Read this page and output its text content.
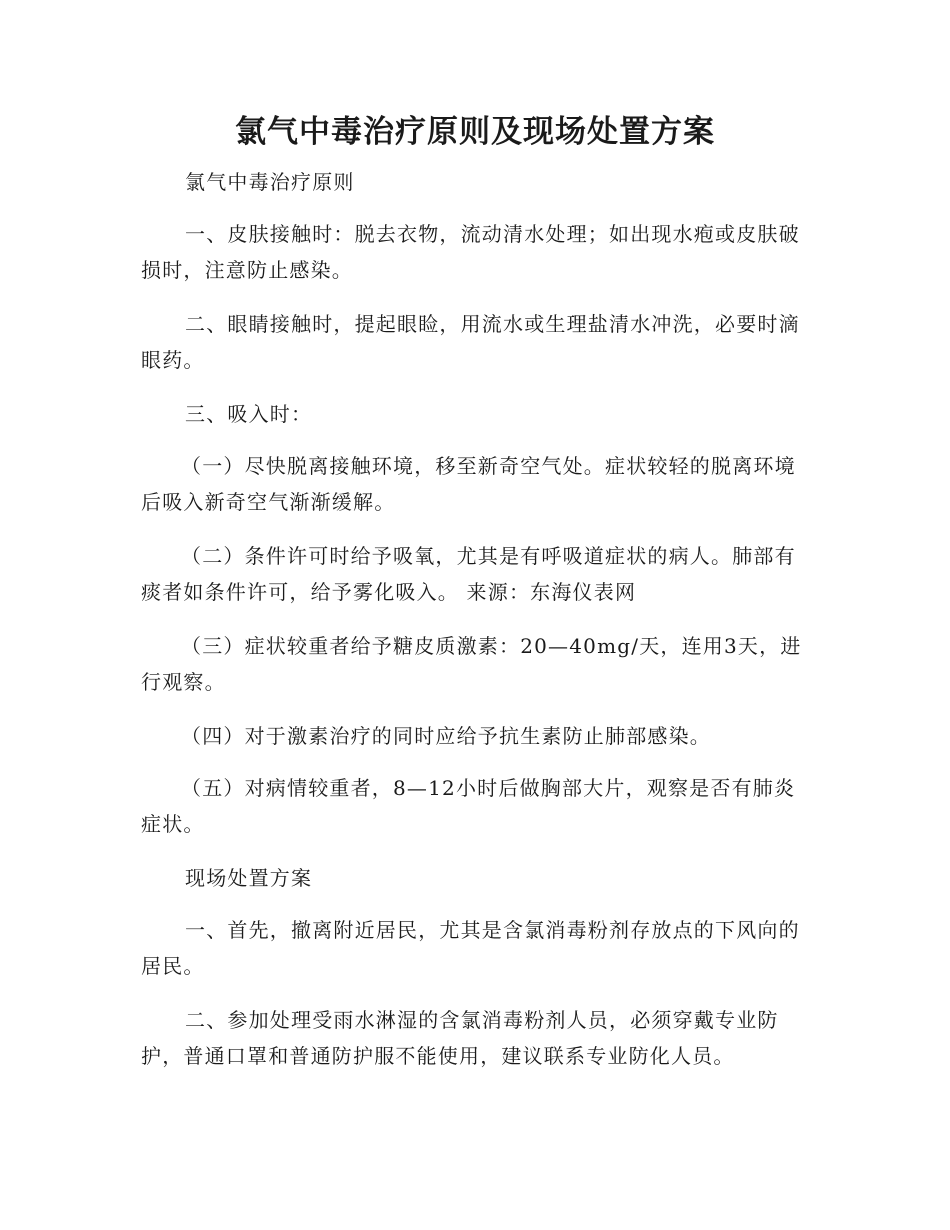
氯气中毒治疗原则及现场处置方案

氯气中毒治疗原则

一、皮肤接触时：脱去衣物，流动清水处理；如出现水疱或皮肤破损时，注意防止感染。

二、眼睛接触时，提起眼睑，用流水或生理盐清水冲洗，必要时滴眼药。

三、吸入时：

（一）尽快脱离接触环境，移至新奇空气处。症状较轻的脱离环境后吸入新奇空气渐渐缓解。

（二）条件许可时给予吸氧，尤其是有呼吸道症状的病人。肺部有痰者如条件许可，给予雾化吸入。 来源：东海仪表网

（三）症状较重者给予糖皮质激素：20—40mg/天，连用3天，进行观察。

（四）对于激素治疗的同时应给予抗生素防止肺部感染。

（五）对病情较重者，8—12小时后做胸部大片，观察是否有肺炎症状。

现场处置方案

一、首先，撤离附近居民，尤其是含氯消毒粉剂存放点的下风向的居民。

二、参加处理受雨水淋湿的含氯消毒粉剂人员，必须穿戴专业防护，普通口罩和普通防护服不能使用，建议联系专业防化人员。
